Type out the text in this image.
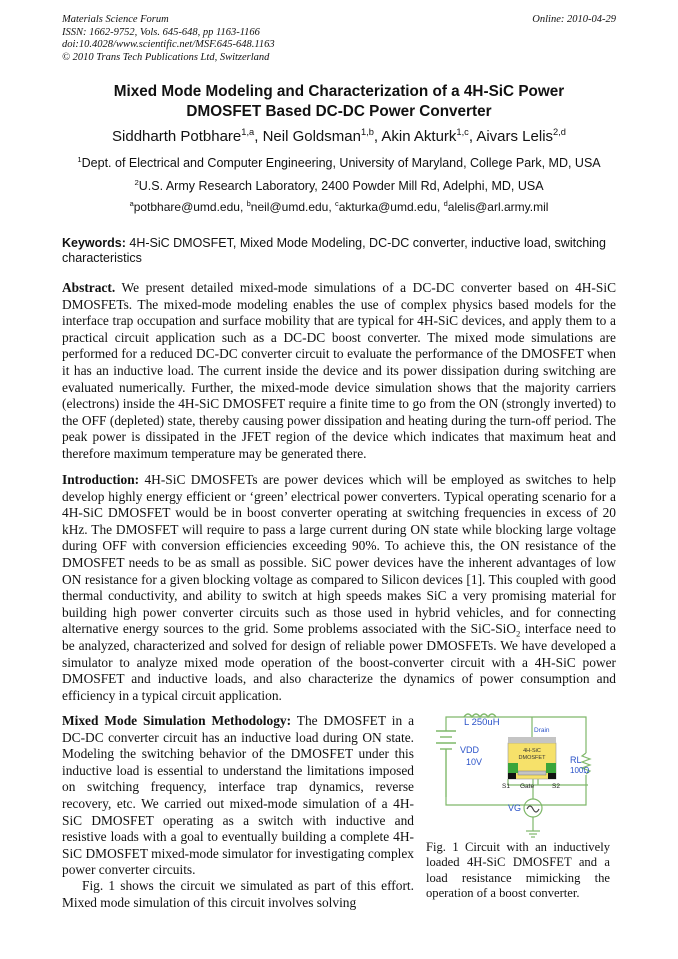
Materials Science Forum	Online: 2010-04-29
ISSN: 1662-9752, Vols. 645-648, pp 1163-1166
doi:10.4028/www.scientific.net/MSF.645-648.1163
© 2010 Trans Tech Publications Ltd, Switzerland
Mixed Mode Modeling and Characterization of a 4H-SiC Power
DMOSFET Based DC-DC Power Converter
Siddharth Potbhare$^{1,a}$, Neil Goldsman$^{1,b}$, Akin Akturk$^{1,c}$, Aivars Lelis$^{2,d}$
$^1$Dept. of Electrical and Computer Engineering, University of Maryland, College Park, MD, USA
$^2$U.S. Army Research Laboratory, 2400 Powder Mill Rd, Adelphi, MD, USA
$^a$potbhare@umd.edu, $^b$neil@umd.edu, $^c$akturka@umd.edu, $^d$alelis@arl.army.mil
Keywords: 4H-SiC DMOSFET, Mixed Mode Modeling, DC-DC converter, inductive load, switching characteristics
Abstract. We present detailed mixed-mode simulations of a DC-DC converter based on 4H-SiC DMOSFETs. The mixed-mode modeling enables the use of complex physics based models for the interface trap occupation and surface mobility that are typical for 4H-SiC devices, and apply them to a practical circuit application such as a DC-DC boost converter. The mixed mode simulations are performed for a reduced DC-DC converter circuit to evaluate the performance of the DMOSFET when it has an inductive load. The current inside the device and its power dissipation during switching are evaluated numerically. Further, the mixed-mode device simulation shows that the majority carriers (electrons) inside the 4H-SiC DMOSFET require a finite time to go from the ON (strongly inverted) to the OFF (depleted) state, thereby causing power dissipation and heating during the turn-off period. The peak power is dissipated in the JFET region of the device which indicates that maximum heat and therefore maximum temperature may be generated there.
Introduction: 4H-SiC DMOSFETs are power devices which will be employed as switches to help develop highly energy efficient or ‘green’ electrical power converters. Typical operating scenario for a 4H-SiC DMOSFET would be in boost converter operating at switching frequencies in excess of 20 kHz. The DMOSFET will require to pass a large current during ON state while blocking large voltage during OFF with conversion efficiencies exceeding 90%. To achieve this, the ON resistance of the DMOSFET needs to be as small as possible. SiC power devices have the inherent advantages of low ON resistance for a given blocking voltage as compared to Silicon devices [1]. This coupled with good thermal conductivity, and ability to switch at high speeds makes SiC a very promising material for building high power converter circuits such as those used in hybrid vehicles, and for connecting alternative energy sources to the grid. Some problems associated with the SiC-SiO$_2$ interface need to be analyzed, characterized and solved for design of reliable power DMOSFETs. We have developed a simulator to analyze mixed mode operation of the boost-converter circuit with a 4H-SiC power DMOSFET and inductive loads, and also characterize the dynamics of power consumption and efficiency in a typical circuit application.
Mixed Mode Simulation Methodology: The DMOSFET in a DC-DC converter circuit has an inductive load during ON state. Modeling the switching behavior of the DMOSFET under this inductive load is essential to understand the limitations imposed on switching frequency, interface trap dynamics, reverse recovery, etc. We carried out mixed-mode simulation of a 4H-SiC DMOSFET operating as a switch with inductive and resistive loads with a goal to eventually building a complete 4H-SiC DMOSFET mixed-mode simulator for investigating complex power converter circuits.
Fig. 1 shows the circuit we simulated as part of this effort. Mixed mode simulation of this circuit involves solving
L 250uH
Drain
VDD
10V
4H-SiC
DMOSFET	RL
100Ω
S1 Gate	S2
VG
Fig. 1 Circuit with an inductively loaded 4H-SiC DMOSFET and a load resistance mimicking the operation of a boost converter.
